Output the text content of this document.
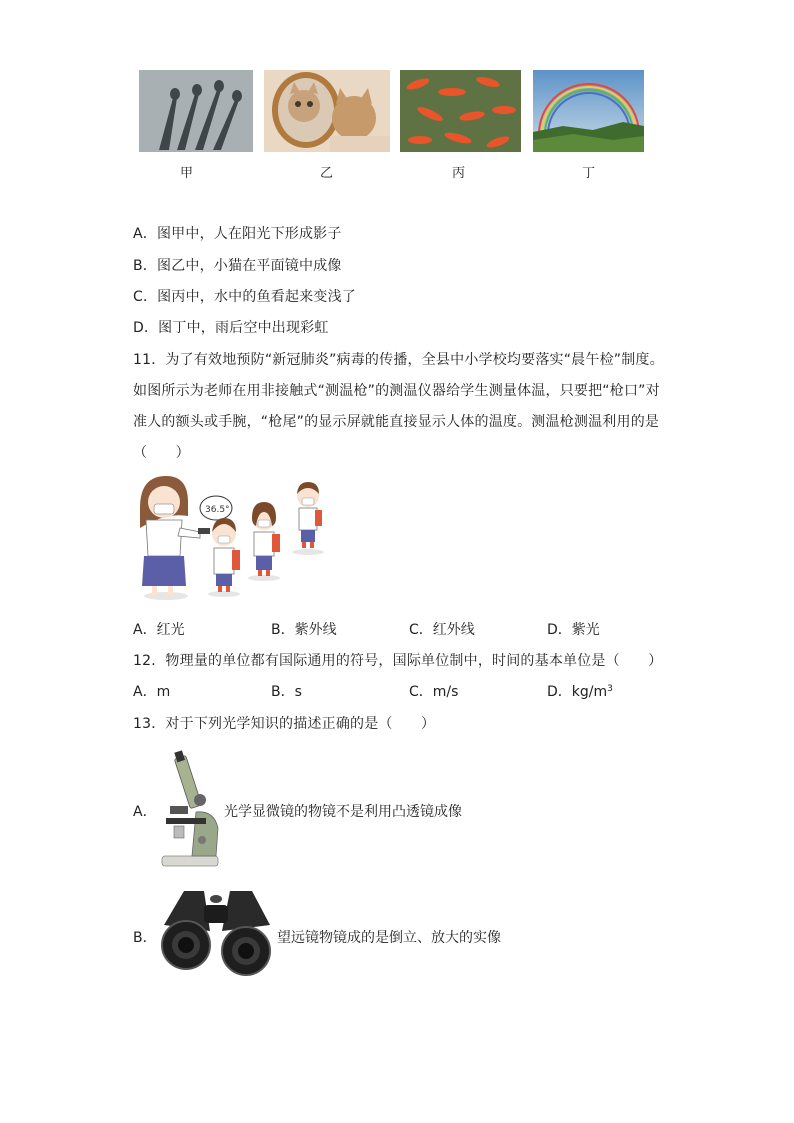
甲	乙	丙	丁
A．图甲中，人在阳光下形成影子
B．图乙中，小猫在平面镜中成像
C．图丙中，水中的鱼看起来变浅了
D．图丁中，雨后空中出现彩虹
11．为了有效地预防“新冠肺炎”病毒的传播，全县中小学校均要落实“晨午检”制度。
如图所示为老师在用非接触式“测温枪”的测温仪器给学生测量体温，只要把“枪口”对
准人的额头或手腕，“枪尾”的显示屏就能直接显示人体的温度。测温枪测温利用的是
（　　）
36.5°
A．红光	B．紫外线	C．红外线	D．紫光
12．物理量的单位都有国际通用的符号，国际单位制中，时间的基本单位是（　　）
A．m	B．s	C．m/s	D．$kg/m^3$
13．对于下列光学知识的描述正确的是（　　）
A．	光学显微镜的物镜不是利用凸透镜成像
B．	望远镜物镜成的是倒立、放大的实像
